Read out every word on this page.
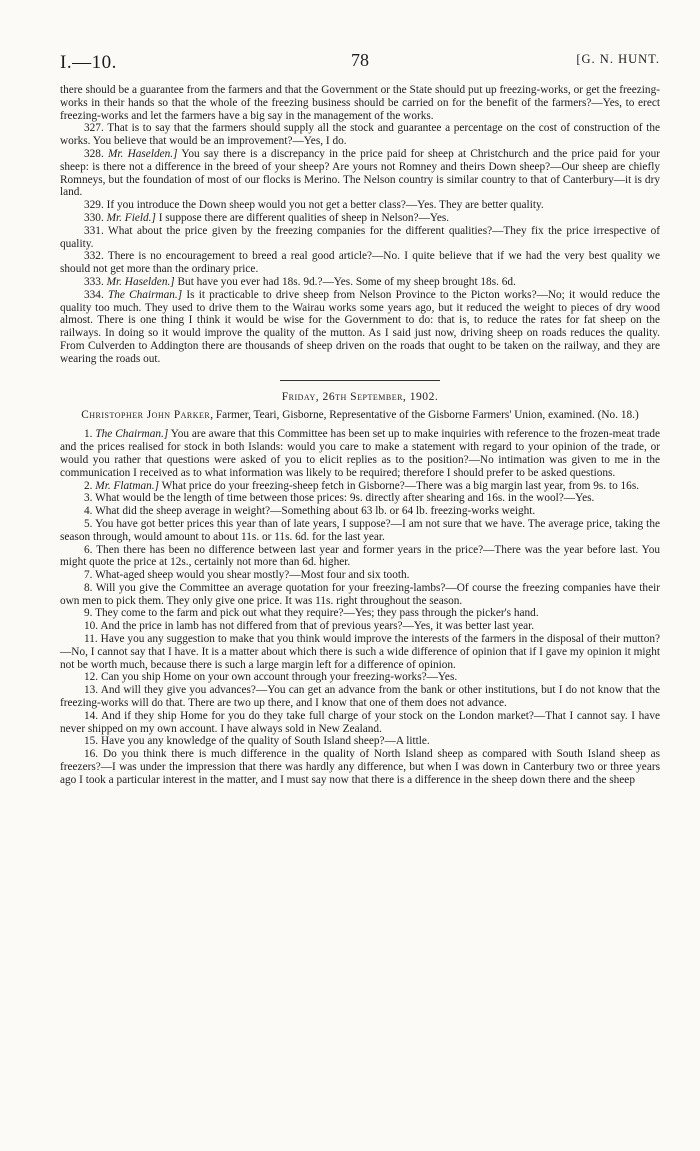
I.—10.	78	[G. N. HUNT.

there should be a guarantee from the farmers and that the Government or the State should put up freezing-works, or get the freezing-works in their hands so that the whole of the freezing business should be carried on for the benefit of the farmers?—Yes, to erect freezing-works and let the farmers have a big say in the management of the works.

327. That is to say that the farmers should supply all the stock and guarantee a percentage on the cost of construction of the works. You believe that would be an improvement?—Yes, I do.

328. Mr. Haselden.] You say there is a discrepancy in the price paid for sheep at Christchurch and the price paid for your sheep: is there not a difference in the breed of your sheep? Are yours not Romney and theirs Down sheep?—Our sheep are chiefly Romneys, but the foundation of most of our flocks is Merino. The Nelson country is similar country to that of Canterbury—it is dry land.

329. If you introduce the Down sheep would you not get a better class?—Yes. They are better quality.

330. Mr. Field.] I suppose there are different qualities of sheep in Nelson?—Yes.

331. What about the price given by the freezing companies for the different qualities?—They fix the price irrespective of quality.

332. There is no encouragement to breed a real good article?—No. I quite believe that if we had the very best quality we should not get more than the ordinary price.

333. Mr. Haselden.] But have you ever had 18s. 9d.?—Yes. Some of my sheep brought 18s. 6d.

334. The Chairman.] Is it practicable to drive sheep from Nelson Province to the Picton works?—No; it would reduce the quality too much. They used to drive them to the Wairau works some years ago, but it reduced the weight to pieces of dry wood almost. There is one thing I think it would be wise for the Government to do: that is, to reduce the rates for fat sheep on the railways. In doing so it would improve the quality of the mutton. As I said just now, driving sheep on roads reduces the quality. From Culverden to Addington there are thousands of sheep driven on the roads that ought to be taken on the railway, and they are wearing the roads out.

Friday, 26th September, 1902.

Christopher John Parker, Farmer, Teari, Gisborne, Representative of the Gisborne Farmers' Union, examined. (No. 18.)

1. The Chairman.] You are aware that this Committee has been set up to make inquiries with reference to the frozen-meat trade and the prices realised for stock in both Islands: would you care to make a statement with regard to your opinion of the trade, or would you rather that questions were asked of you to elicit replies as to the position?—No intimation was given to me in the communication I received as to what information was likely to be required; therefore I should prefer to be asked questions.

2. Mr. Flatman.] What price do your freezing-sheep fetch in Gisborne?—There was a big margin last year, from 9s. to 16s.

3. What would be the length of time between those prices: 9s. directly after shearing and 16s. in the wool?—Yes.

4. What did the sheep average in weight?—Something about 63 lb. or 64 lb. freezing-works weight.

5. You have got better prices this year than of late years, I suppose?—I am not sure that we have. The average price, taking the season through, would amount to about 11s. or 11s. 6d. for the last year.

6. Then there has been no difference between last year and former years in the price?—There was the year before last. You might quote the price at 12s., certainly not more than 6d. higher.

7. What-aged sheep would you shear mostly?—Most four and six tooth.

8. Will you give the Committee an average quotation for your freezing-lambs?—Of course the freezing companies have their own men to pick them. They only give one price. It was 11s. right throughout the season.

9. They come to the farm and pick out what they require?—Yes; they pass through the picker's hand.

10. And the price in lamb has not differed from that of previous years?—Yes, it was better last year.

11. Have you any suggestion to make that you think would improve the interests of the farmers in the disposal of their mutton?—No, I cannot say that I have. It is a matter about which there is such a wide difference of opinion that if I gave my opinion it might not be worth much, because there is such a large margin left for a difference of opinion.

12. Can you ship Home on your own account through your freezing-works?—Yes.

13. And will they give you advances?—You can get an advance from the bank or other institutions, but I do not know that the freezing-works will do that. There are two up there, and I know that one of them does not advance.

14. And if they ship Home for you do they take full charge of your stock on the London market?—That I cannot say. I have never shipped on my own account. I have always sold in New Zealand.

15. Have you any knowledge of the quality of South Island sheep?—A little.

16. Do you think there is much difference in the quality of North Island sheep as compared with South Island sheep as freezers?—I was under the impression that there was hardly any difference, but when I was down in Canterbury two or three years ago I took a particular interest in the matter, and I must say now that there is a difference in the sheep down there and the sheep
